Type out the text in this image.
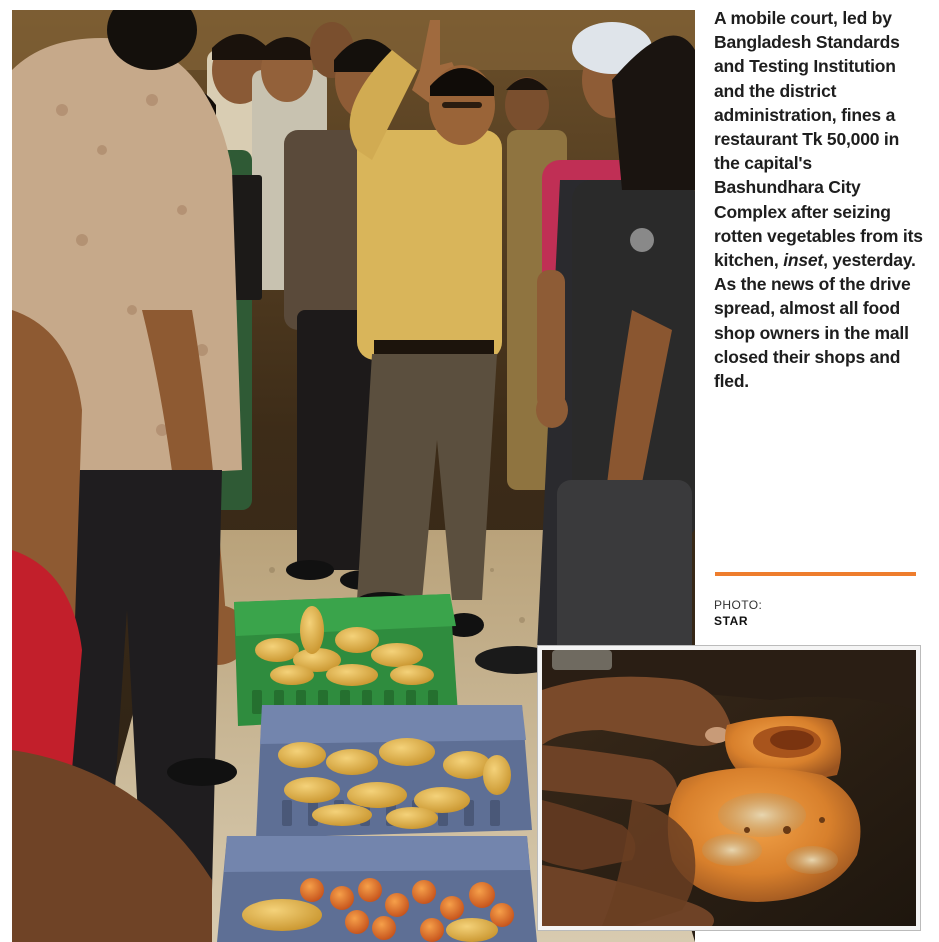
A mobile court, led by Bangladesh Standards and Testing Institution and the district administration, fines a restaurant Tk 50,000 in the capital's Bashundhara City Complex after seizing rotten vegetables from its kitchen, inset, yesterday. As the news of the drive spread, almost all food shop owners in the mall closed their shops and fled.

PHOTO:
STAR
